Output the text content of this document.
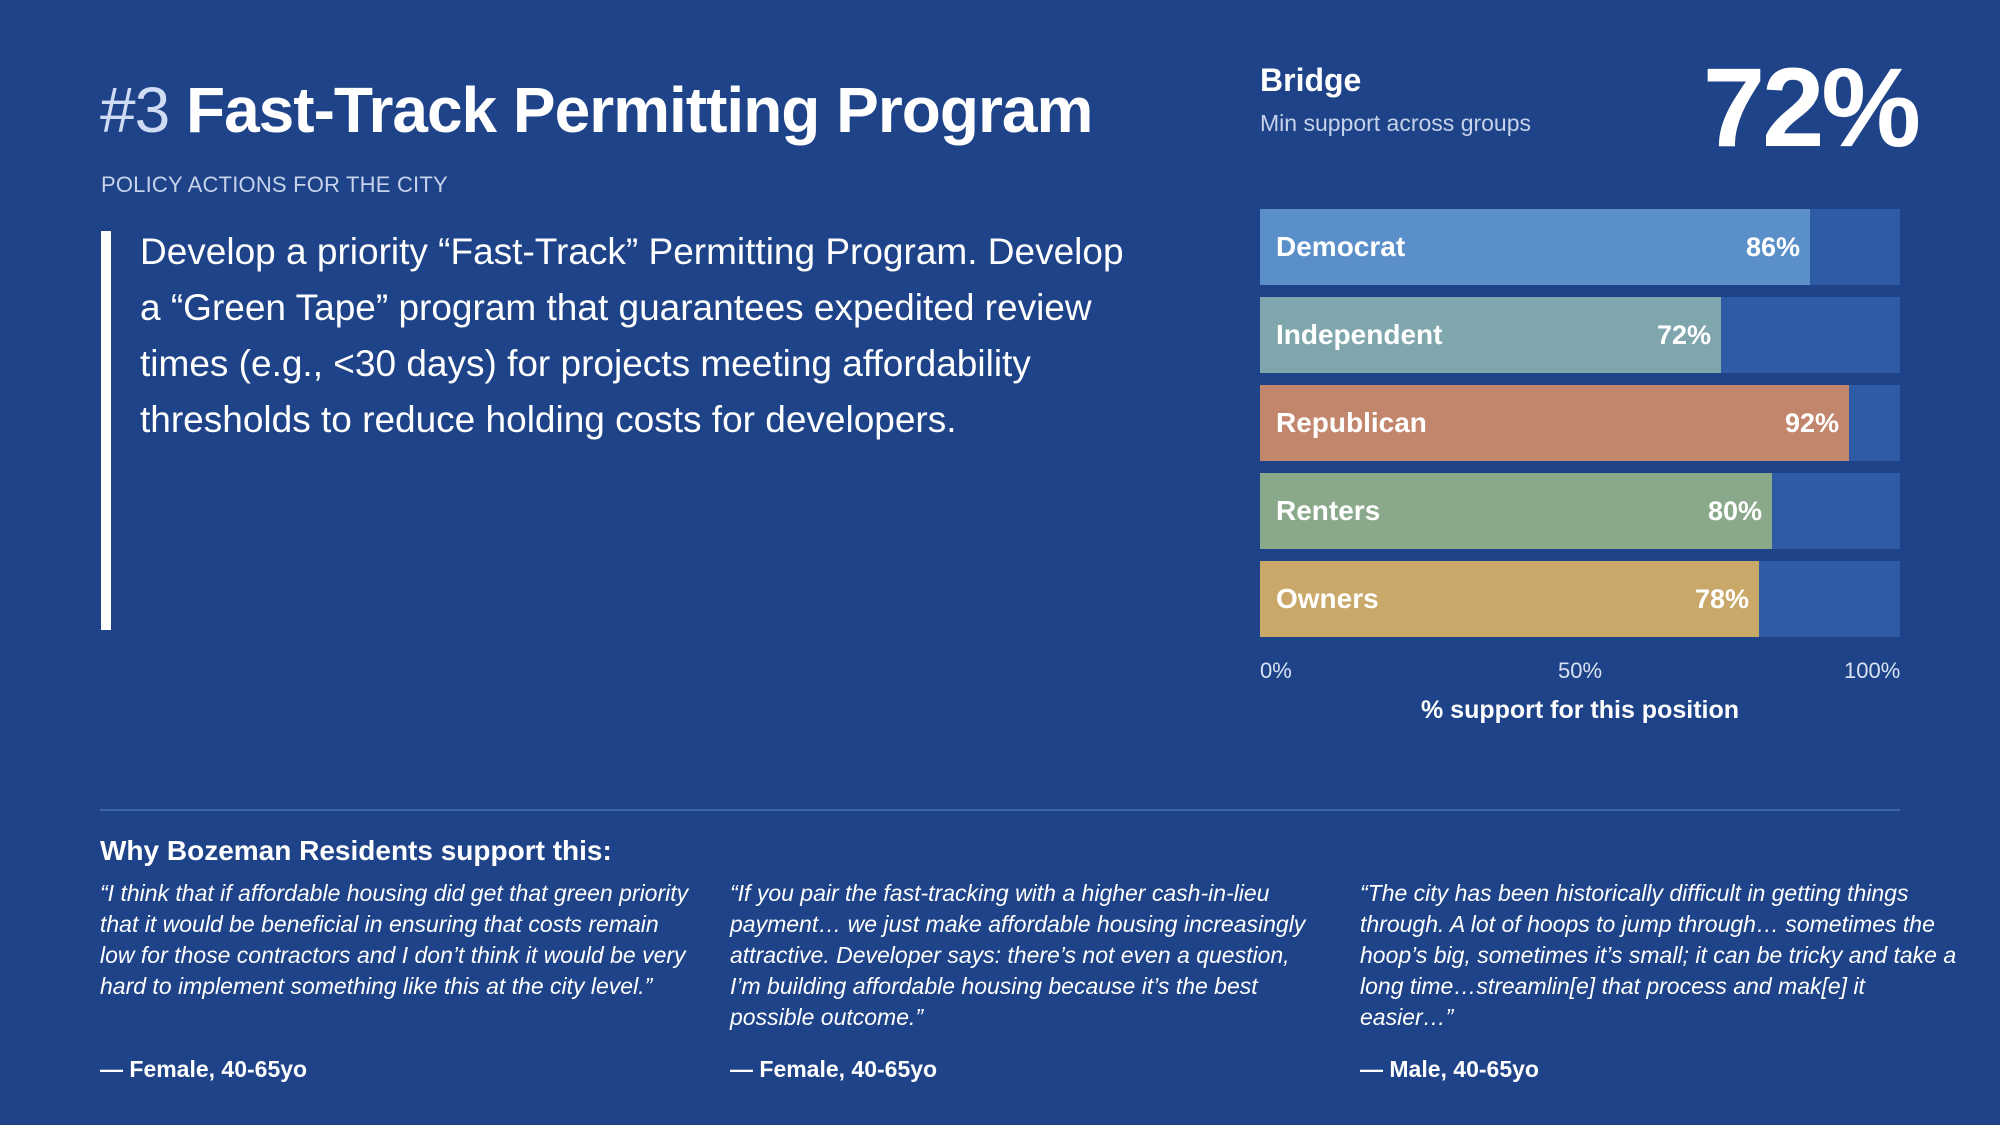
#3 Fast-Track Permitting Program
POLICY ACTIONS FOR THE CITY
Develop a priority “Fast-Track” Permitting Program. Develop a “Green Tape” program that guarantees expedited review times (e.g., <30 days) for projects meeting affordability thresholds to reduce holding costs for developers.
Bridge
Min support across groups 72%
Democrat	86%
Independent	72%
Republican	92%
Renters	80%
Owners	78%
0%	50%	100%
% support for this position
Why Bozeman Residents support this:
“I think that if affordable housing did get that green priority that it would be beneficial in ensuring that costs remain low for those contractors and I don’t think it would be very hard to implement something like this at the city level.”
— Female, 40-65yo
“If you pair the fast-tracking with a higher cash-in-lieu payment… we just make affordable housing increasingly attractive. Developer says: there’s not even a question, I’m building affordable housing because it’s the best possible outcome.”
— Female, 40-65yo
“The city has been historically difficult in getting things through. A lot of hoops to jump through… sometimes the hoop’s big, sometimes it’s small; it can be tricky and take a long time…streamlin[e] that process and mak[e] it easier…”
— Male, 40-65yo
